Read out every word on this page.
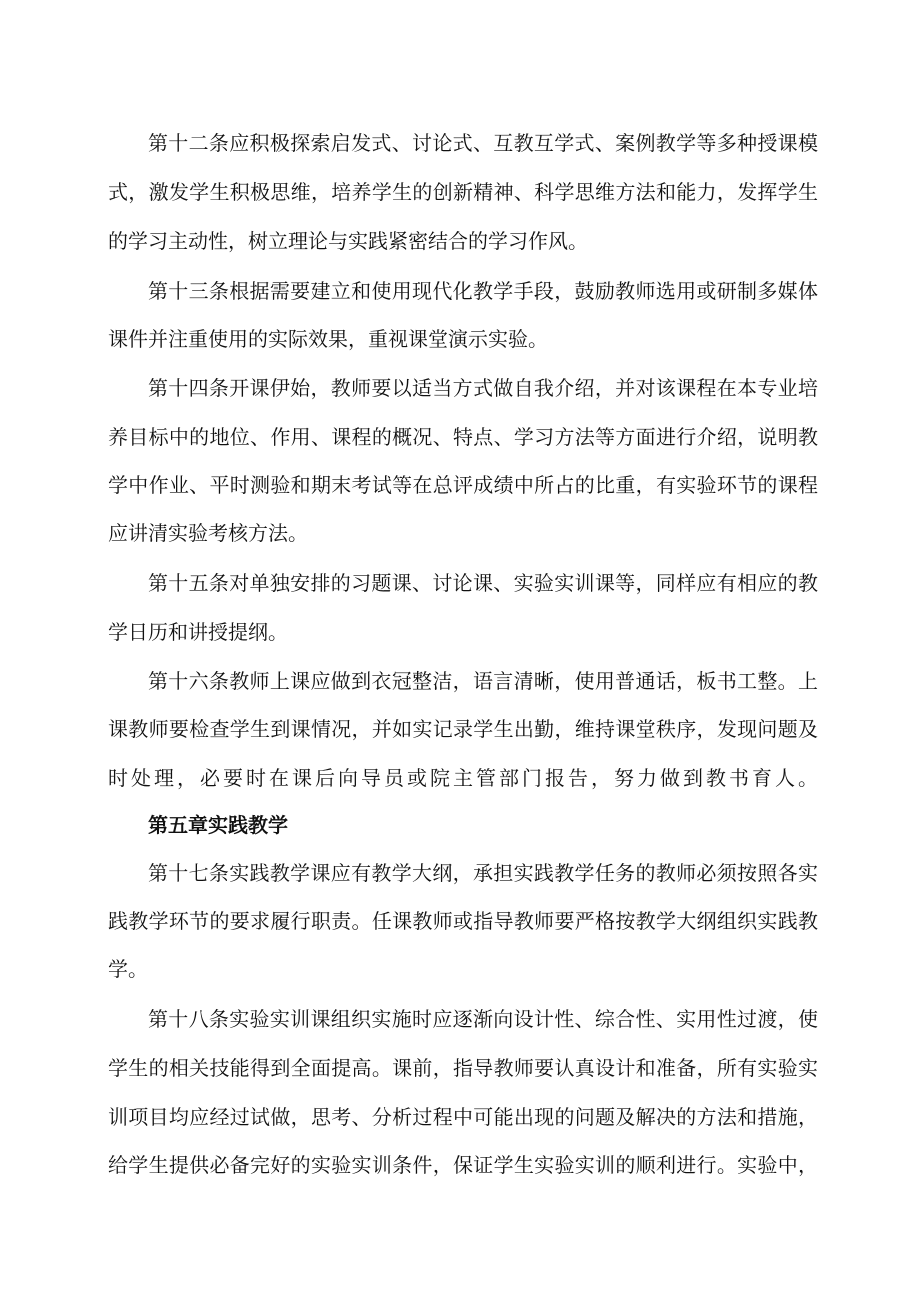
第十二条应积极探索启发式、讨论式、互教互学式、案例教学等多种授课模
式，激发学生积极思维，培养学生的创新精神、科学思维方法和能力，发挥学生
的学习主动性，树立理论与实践紧密结合的学习作风。
第十三条根据需要建立和使用现代化教学手段，鼓励教师选用或研制多媒体
课件并注重使用的实际效果，重视课堂演示实验。
第十四条开课伊始，教师要以适当方式做自我介绍，并对该课程在本专业培
养目标中的地位、作用、课程的概况、特点、学习方法等方面进行介绍，说明教
学中作业、平时测验和期末考试等在总评成绩中所占的比重，有实验环节的课程
应讲清实验考核方法。
第十五条对单独安排的习题课、讨论课、实验实训课等，同样应有相应的教
学日历和讲授提纲。
第十六条教师上课应做到衣冠整洁，语言清晰，使用普通话，板书工整。上
课教师要检查学生到课情况，并如实记录学生出勤，维持课堂秩序，发现问题及
时处理，必要时在课后向导员或院主管部门报告，努力做到教书育人。
第五章实践教学
第十七条实践教学课应有教学大纲，承担实践教学任务的教师必须按照各实
践教学环节的要求履行职责。任课教师或指导教师要严格按教学大纲组织实践教
学。
第十八条实验实训课组织实施时应逐渐向设计性、综合性、实用性过渡，使
学生的相关技能得到全面提高。课前，指导教师要认真设计和准备，所有实验实
训项目均应经过试做，思考、分析过程中可能出现的问题及解决的方法和措施，
给学生提供必备完好的实验实训条件，保证学生实验实训的顺利进行。实验中，
